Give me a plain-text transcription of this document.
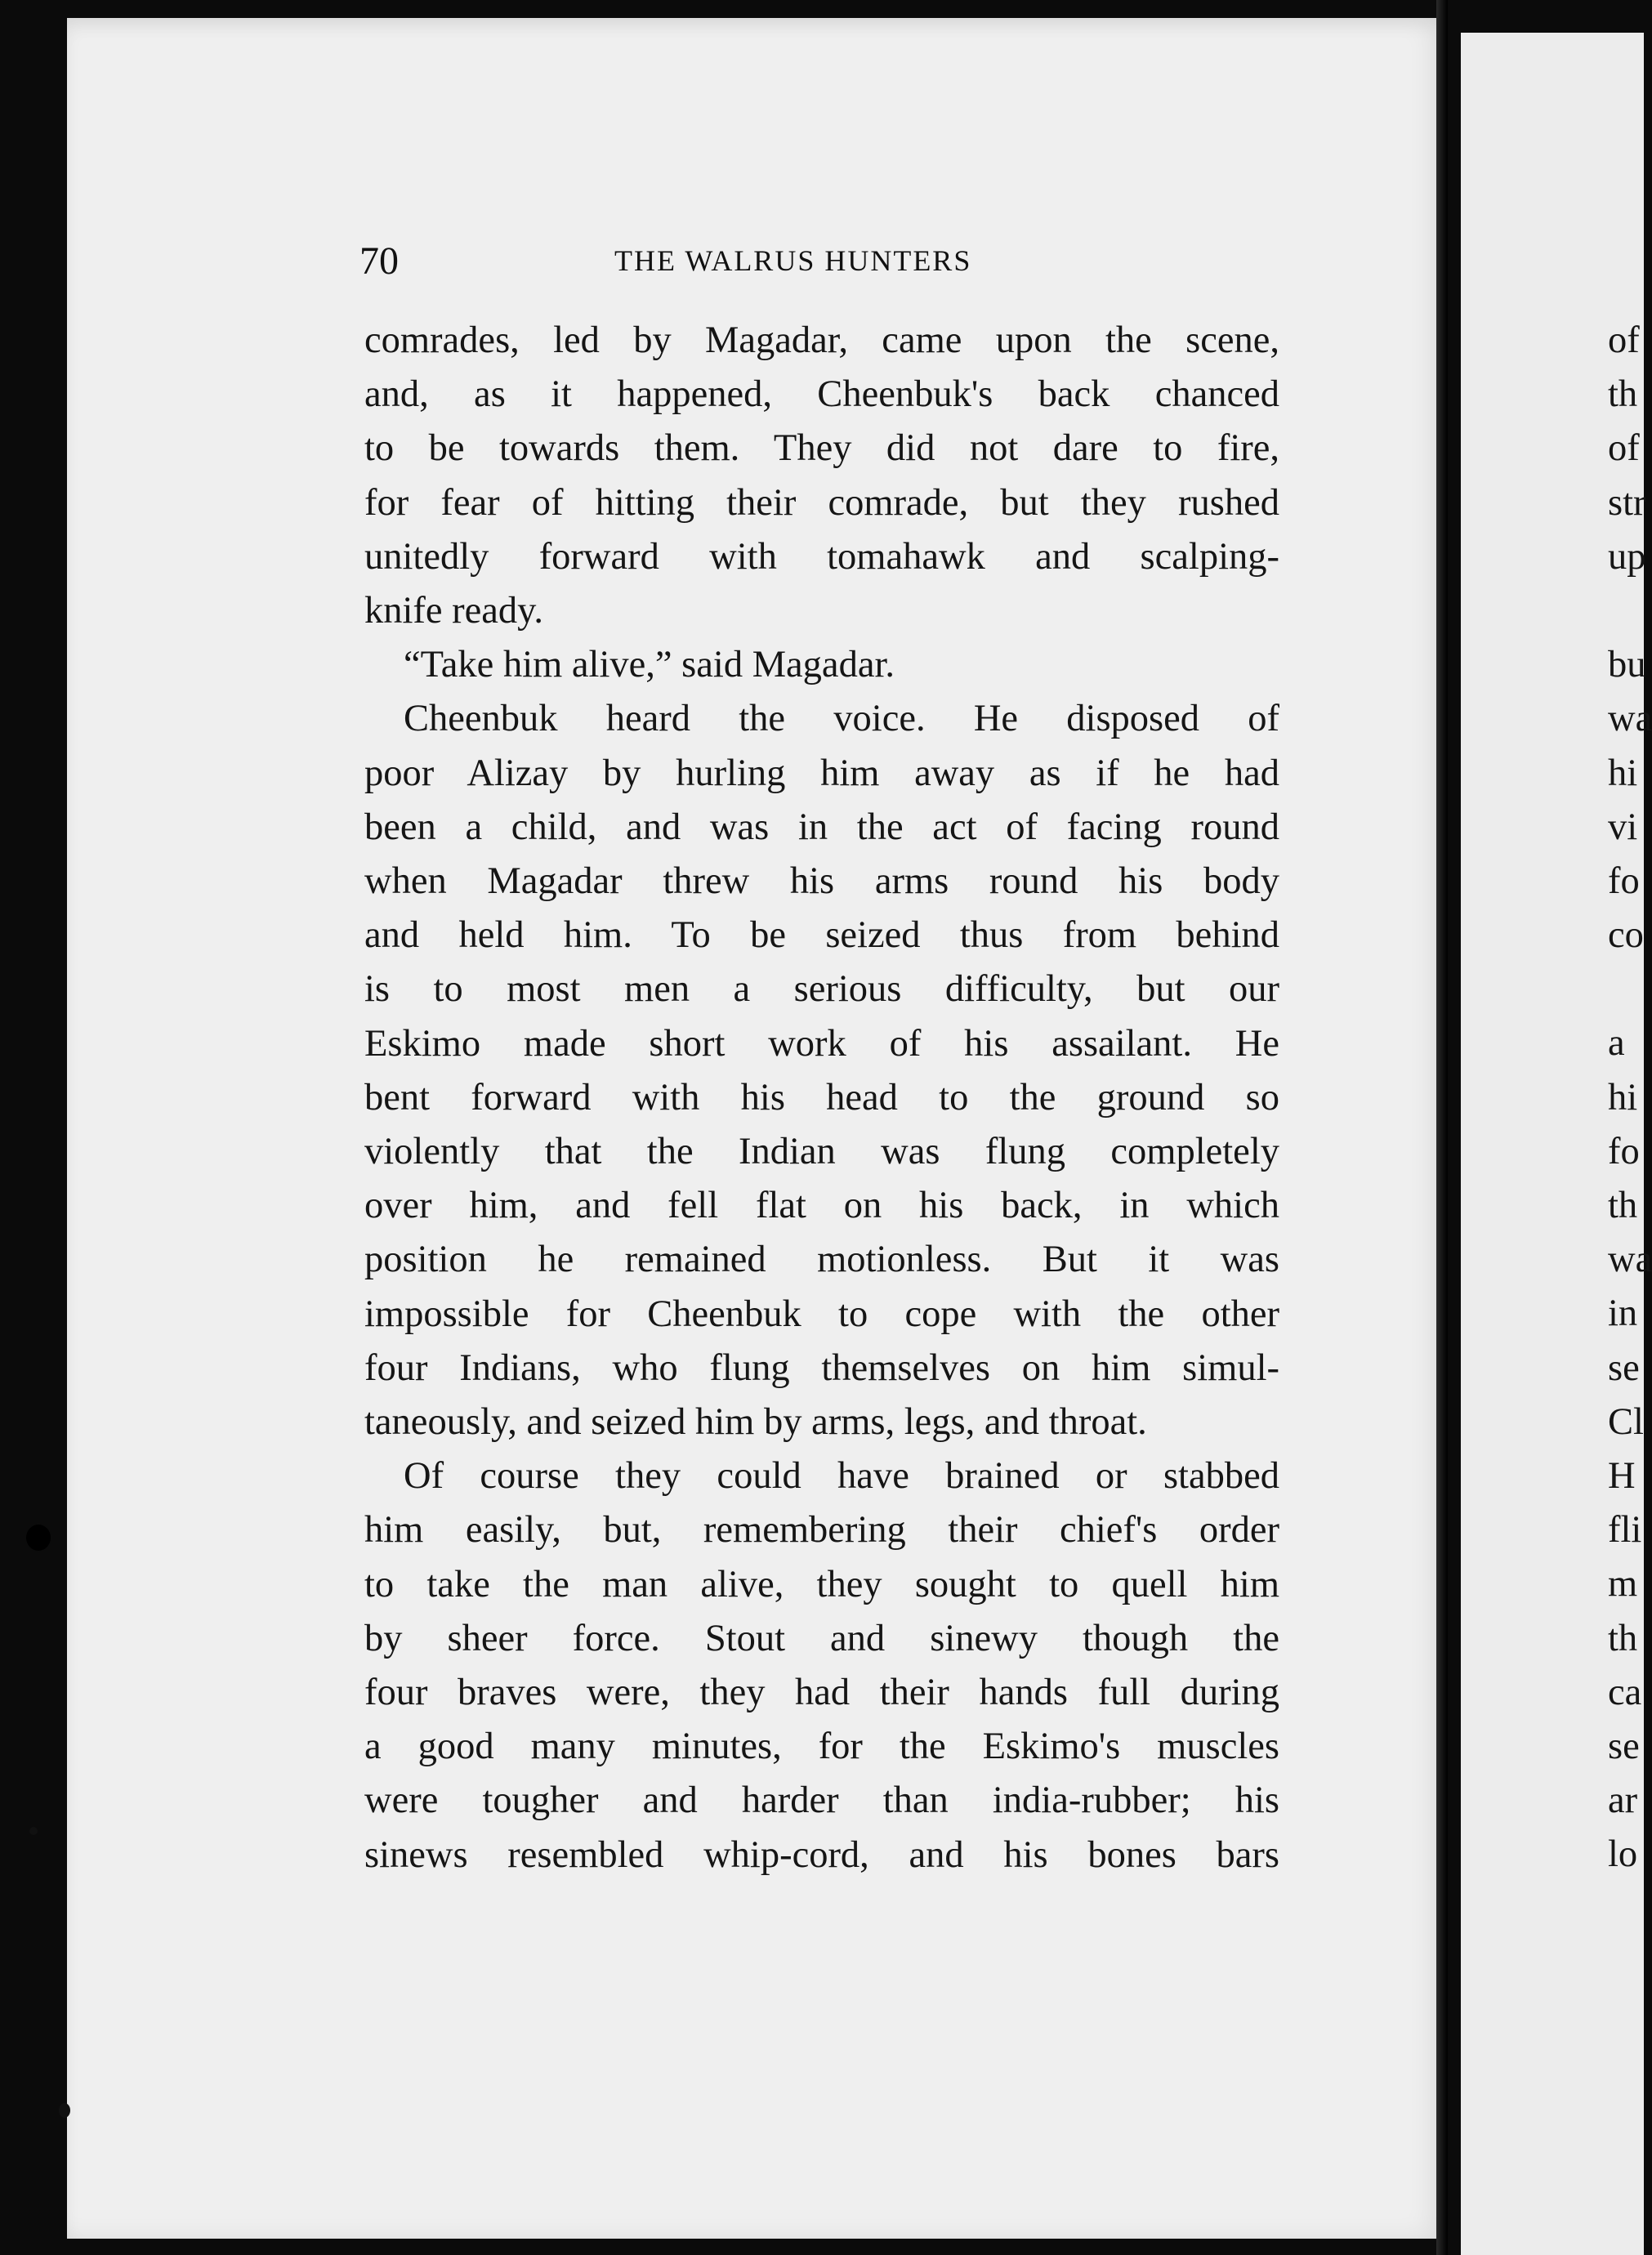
70	THE WALRUS HUNTERS
comrades, led by Magadar, came upon the scene,
and, as it happened, Cheenbuk's back chanced
to be towards them. They did not dare to fire,
for fear of hitting their comrade, but they rushed
unitedly forward with tomahawk and scalping-
knife ready.
“Take him alive,” said Magadar.
Cheenbuk heard the voice. He disposed of
poor Alizay by hurling him away as if he had
been a child, and was in the act of facing round
when Magadar threw his arms round his body
and held him. To be seized thus from behind
is to most men a serious difficulty, but our
Eskimo made short work of his assailant. He
bent forward with his head to the ground so
violently that the Indian was flung completely
over him, and fell flat on his back, in which
position he remained motionless. But it was
impossible for Cheenbuk to cope with the other
four Indians, who flung themselves on him simul-
taneously, and seized him by arms, legs, and throat.
Of course they could have brained or stabbed
him easily, but, remembering their chief's order
to take the man alive, they sought to quell him
by sheer force. Stout and sinewy though the
four braves were, they had their hands full during
a good many minutes, for the Eskimo's muscles
were tougher and harder than india-rubber; his
sinews resembled whip-cord, and his bones bars
of
th
of
str
up
bu
wa
hi
vi
fo
co
a
hi
fo
th
wa
in
se
Cl
H
fli
m
th
ca
se
ar
lo
